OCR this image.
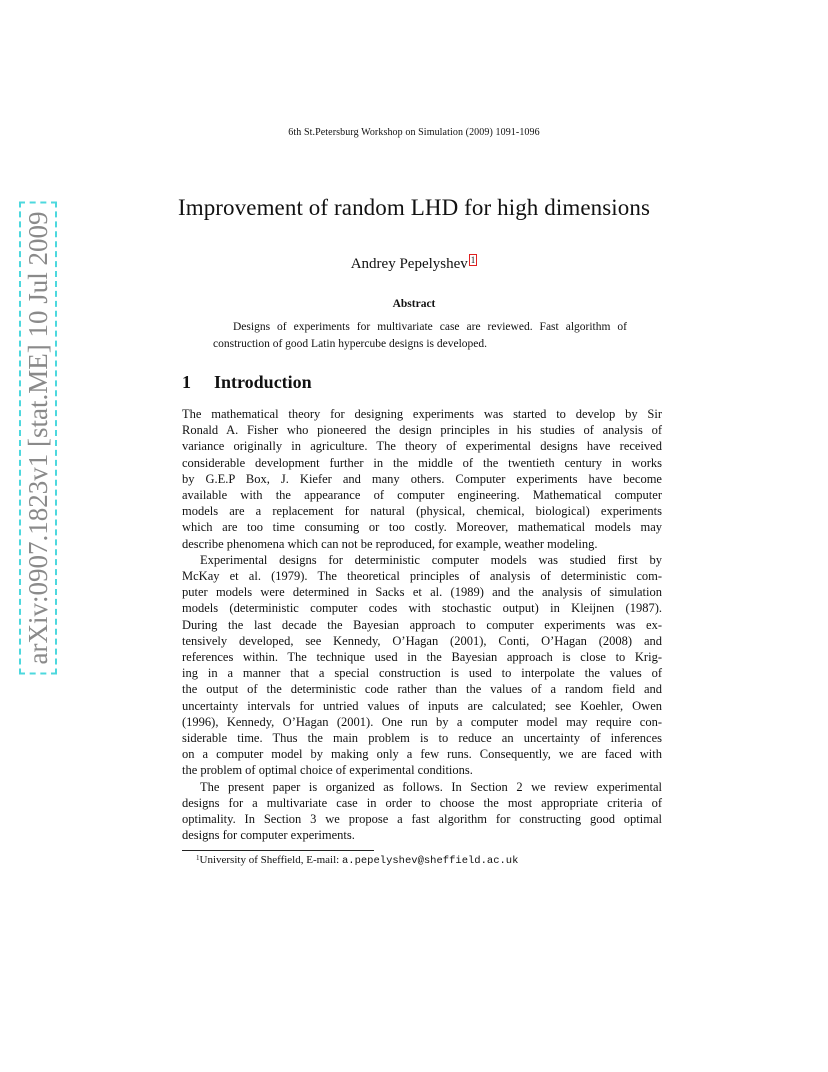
6th St.Petersburg Workshop on Simulation (2009) 1091-1096
arXiv:0907.1823v1 [stat.ME] 10 Jul 2009
Improvement of random LHD for high dimensions
Andrey Pepelyshev $^1$
Abstract
Designs of experiments for multivariate case are reviewed. Fast algorithm of construction of good Latin hypercube designs is developed.
1 Introduction
The mathematical theory for designing experiments was started to develop by Sir
Ronald A. Fisher who pioneered the design principles in his studies of analysis of
variance originally in agriculture. The theory of experimental designs have received
considerable development further in the middle of the twentieth century in works
by G.E.P Box, J. Kiefer and many others. Computer experiments have become
available with the appearance of computer engineering. Mathematical computer
models are a replacement for natural (physical, chemical, biological) experiments
which are too time consuming or too costly. Moreover, mathematical models may
describe phenomena which can not be reproduced, for example, weather modeling.
Experimental designs for deterministic computer models was studied first by
McKay et al. (1979). The theoretical principles of analysis of deterministic com-
puter models were determined in Sacks et al. (1989) and the analysis of simulation
models (deterministic computer codes with stochastic output) in Kleijnen (1987).
During the last decade the Bayesian approach to computer experiments was ex-
tensively developed, see Kennedy, O’Hagan (2001), Conti, O’Hagan (2008) and
references within. The technique used in the Bayesian approach is close to Krig-
ing in a manner that a special construction is used to interpolate the values of
the output of the deterministic code rather than the values of a random field and
uncertainty intervals for untried values of inputs are calculated; see Koehler, Owen
(1996), Kennedy, O’Hagan (2001). One run by a computer model may require con-
siderable time. Thus the main problem is to reduce an uncertainty of inferences
on a computer model by making only a few runs. Consequently, we are faced with
the problem of optimal choice of experimental conditions.
The present paper is organized as follows. In Section 2 we review experimental
designs for a multivariate case in order to choose the most appropriate criteria of
optimality. In Section 3 we propose a fast algorithm for constructing good optimal
designs for computer experiments.
$^1$University of Sheffield, E-mail: a.pepelyshev@sheffield.ac.uk
